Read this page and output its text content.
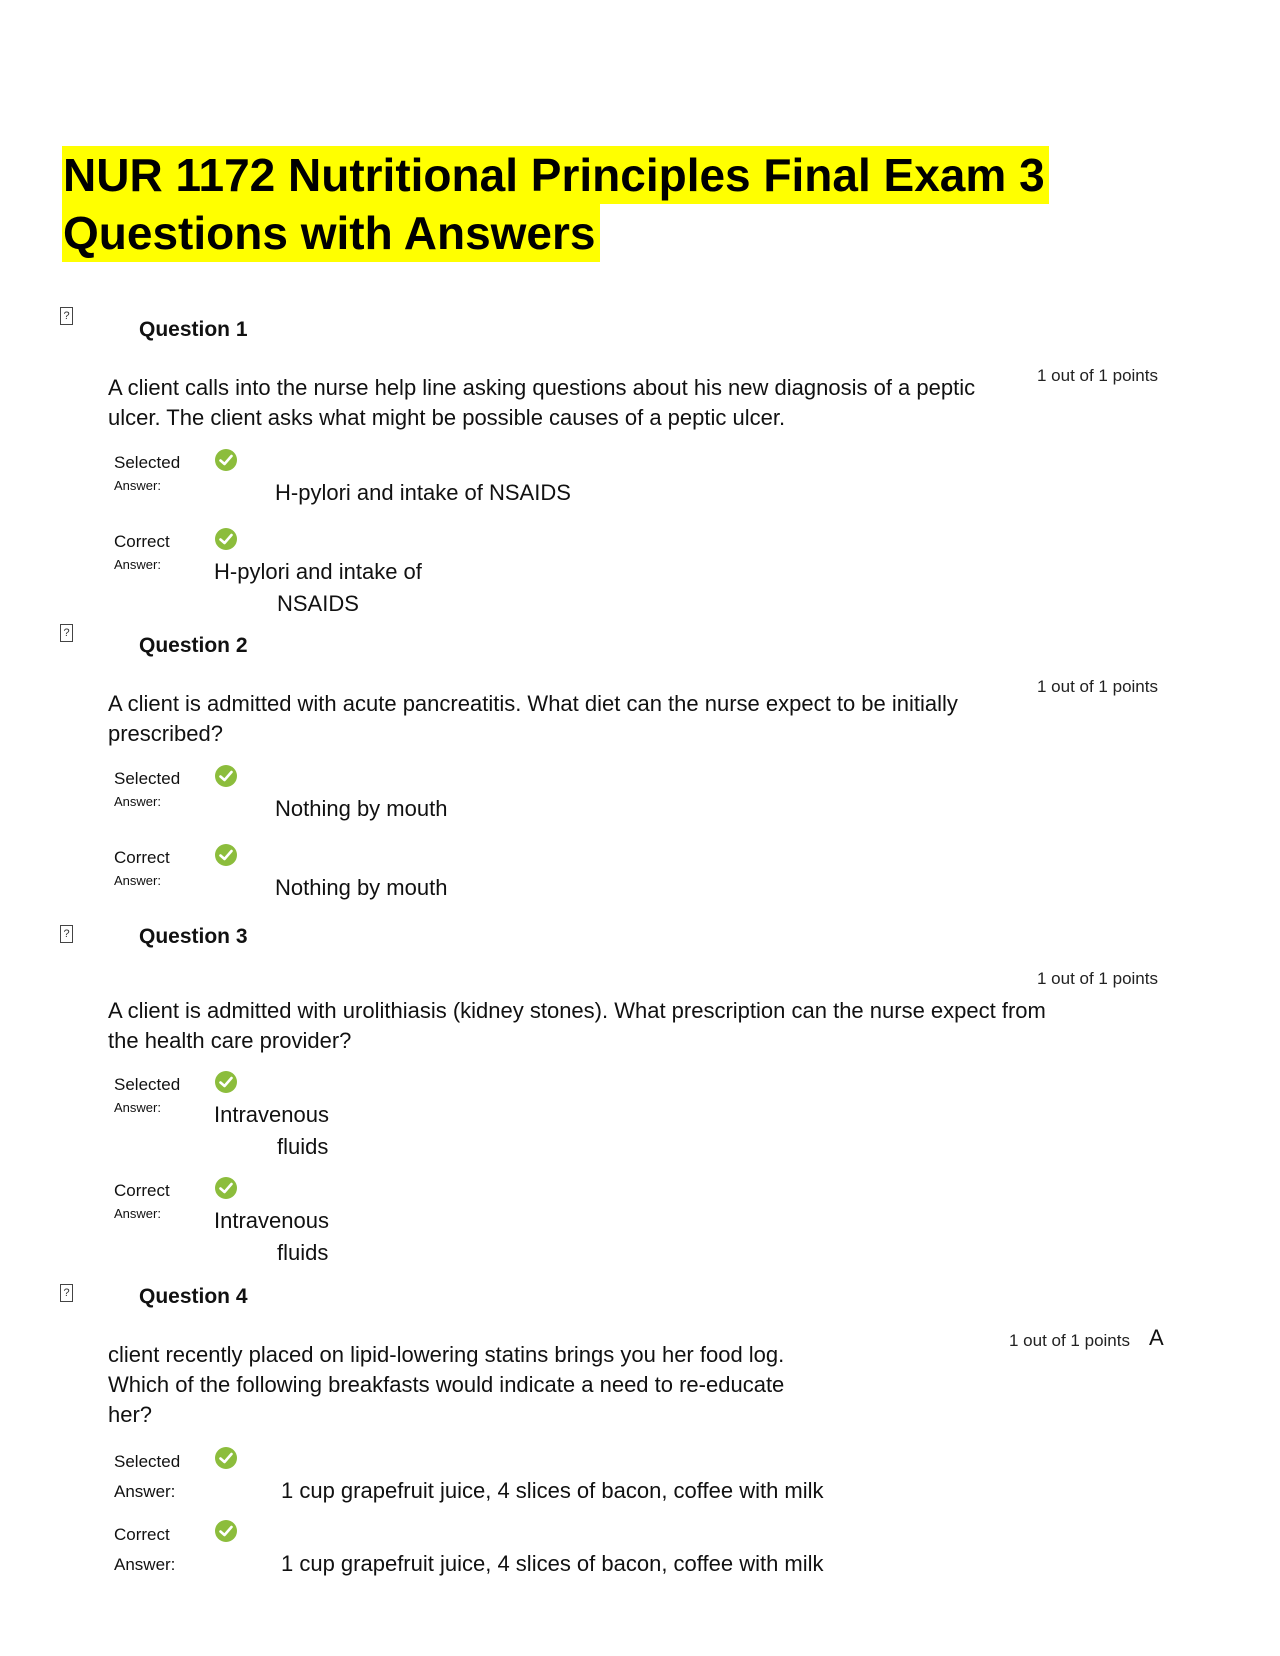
NUR 1172 Nutritional Principles Final Exam 3
Questions with Answers
?
Question 1
1 out of 1 points
A client calls into the nurse help line asking questions about his new diagnosis of a peptic ulcer. The client asks what might be possible causes of a peptic ulcer.
Selected
Answer:	H-pylori and intake of NSAIDS
Correct
Answer: H-pylori and intake of
NSAIDS
?
Question 2
1 out of 1 points
A client is admitted with acute pancreatitis. What diet can the nurse expect to be initially prescribed?
Selected
Answer:	Nothing by mouth
Correct
Answer:	Nothing by mouth
?	Question 3
1 out of 1 points
A client is admitted with urolithiasis (kidney stones). What prescription can the nurse expect from the health care provider?
Selected
Answer: Intravenous
fluids
Correct
Answer: Intravenous
fluids
?	Question 4
1 out of 1 points A
client recently placed on lipid-lowering statins brings you her food log. Which of the following breakfasts would indicate a need to re-educate her?
Selected
Answer:	1 cup grapefruit juice, 4 slices of bacon, coffee with milk
Correct
Answer:	1 cup grapefruit juice, 4 slices of bacon, coffee with milk
